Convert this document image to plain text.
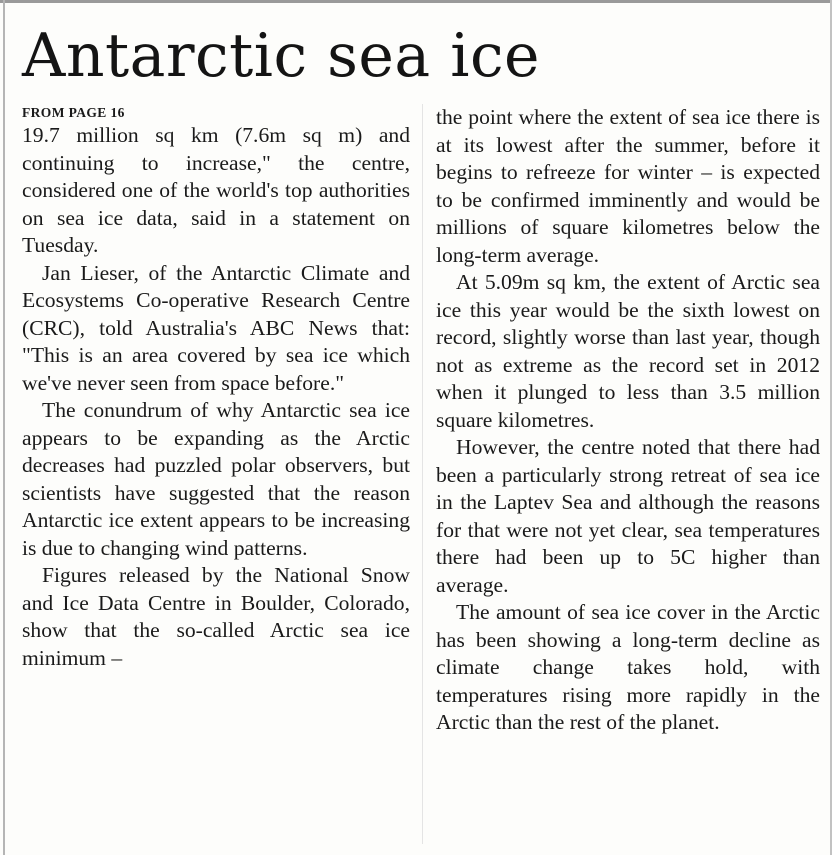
Antarctic sea ice
FROM PAGE 16

19.7 million sq km (7.6m sq m) and continuing to increase," the centre, considered one of the world's top authorities on sea ice data, said in a statement on Tuesday.

Jan Lieser, of the Antarctic Climate and Ecosystems Co-operative Research Centre (CRC), told Australia's ABC News that: "This is an area covered by sea ice which we've never seen from space before."

The conundrum of why Antarctic sea ice appears to be expanding as the Arctic decreases had puzzled polar observers, but scientists have suggested that the reason Antarctic ice extent appears to be increasing is due to changing wind patterns.

Figures released by the National Snow and Ice Data Centre in Boulder, Colorado, show that the so-called Arctic sea ice minimum –

the point where the extent of sea ice there is at its lowest after the summer, before it begins to refreeze for winter – is expected to be confirmed imminently and would be millions of square kilometres below the long-term average.

At 5.09m sq km, the extent of Arctic sea ice this year would be the sixth lowest on record, slightly worse than last year, though not as extreme as the record set in 2012 when it plunged to less than 3.5 million square kilometres.

However, the centre noted that there had been a particularly strong retreat of sea ice in the Laptev Sea and although the reasons for that were not yet clear, sea temperatures there had been up to 5C higher than average.

The amount of sea ice cover in the Arctic has been showing a long-term decline as climate change takes hold, with temperatures rising more rapidly in the Arctic than the rest of the planet.
